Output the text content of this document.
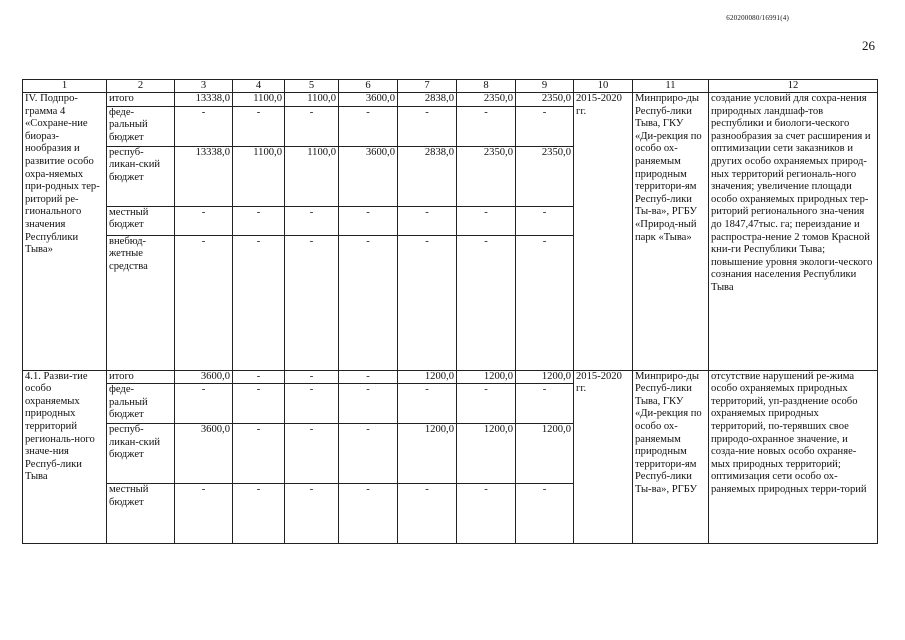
620200080/16991(4)
26
1	2	3	4	5	6	7	8	9	10	11	12
IV. Подпро-грамма 4 «Сохране-ние биораз-нообразия и развитие особо охра-няемых при-родных тер-риторий ре-гионального значения Республики Тыва»	итого	13338,0	1100,0	1100,0	3600,0	2838,0	2350,0	2350,0	2015-2020 гг.	Минприро-ды Респуб-лики Тыва, ГКУ «Ди-рекция по особо ох-раняемым природным территори-ям Респуб-лики Ты-ва», РГБУ «Природ-ный парк «Тыва»	создание условий для сохра-нения природных ландшаф-тов республики и биологи-ческого разнообразия за счет расширения и оптимизации сети заказников и других особо охраняемых природ-ных территорий региональ-ного значения; увеличение площади особо охраняемых природных тер-риторий регионального зна-чения до 1847,47тыс. га; переиздание и распростра-нение 2 томов Красной кни-ги Республики Тыва; повышение уровня экологи-ческого сознания населения Республики Тыва
	феде-ральный бюджет	-	-	-	-	-	-	-			
	респуб-ликан-ский бюджет	13338,0	1100,0	1100,0	3600,0	2838,0	2350,0	2350,0			
	местный бюджет	-	-	-	-	-	-	-			
	внебюд-жетные средства	-	-	-	-	-	-	-			
4.1. Разви-тие особо охраняемых природных территорий региональ-ного значе-ния Респуб-лики Тыва	итого	3600,0	-	-	-	1200,0	1200,0	1200,0	2015-2020 гг.	Минприро-ды Респуб-лики Тыва, ГКУ «Ди-рекция по особо ох-раняемым природным территори-ям Респуб-лики Ты-ва», РГБУ	отсутствие нарушений ре-жима особо охраняемых природных территорий, уп-разднение особо охраняемых природных территорий, по-терявших свое природо-охранное значение, и созда-ние новых особо охраняе-мых природных территорий; оптимизация сети особо ох-раняемых природных терри-торий
	феде-ральный бюджет	-	-	-	-	-	-	-			
	респуб-ликан-ский бюджет	3600,0	-	-	-	1200,0	1200,0	1200,0			
	местный бюджет	-	-	-	-	-	-	-			
